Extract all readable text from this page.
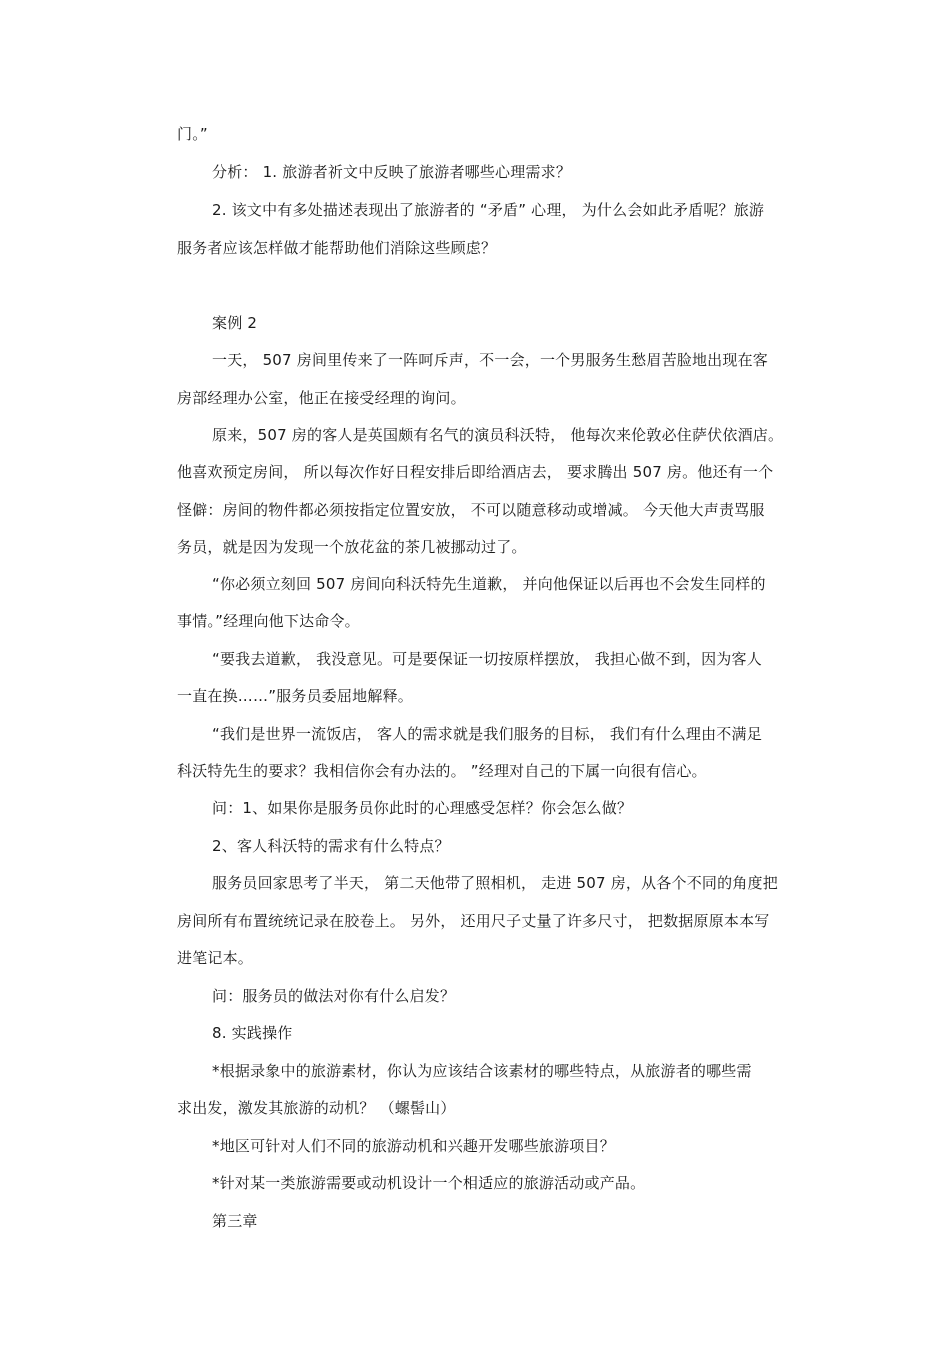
门。”
分析： 1. 旅游者祈文中反映了旅游者哪些心理需求？
2. 该文中有多处描述表现出了旅游者的 “矛盾” 心理， 为什么会如此矛盾呢？旅游
服务者应该怎样做才能帮助他们消除这些顾虑？
案例 2
一天， 507 房间里传来了一阵呵斥声，不一会，一个男服务生愁眉苦脸地出现在客
房部经理办公室，他正在接受经理的询问。
原来，507 房的客人是英国颇有名气的演员科沃特， 他每次来伦敦必住萨伏依酒店。
他喜欢预定房间， 所以每次作好日程安排后即给酒店去， 要求腾出 507 房。他还有一个
怪僻：房间的物件都必须按指定位置安放， 不可以随意移动或增减。 今天他大声责骂服
务员，就是因为发现一个放花盆的茶几被挪动过了。
“你必须立刻回 507 房间向科沃特先生道歉， 并向他保证以后再也不会发生同样的
事情。”经理向他下达命令。
“要我去道歉， 我没意见。可是要保证一切按原样摆放， 我担心做不到，因为客人
一直在换……”服务员委屈地解释。
“我们是世界一流饭店， 客人的需求就是我们服务的目标， 我们有什么理由不满足
科沃特先生的要求？我相信你会有办法的。 ”经理对自己的下属一向很有信心。
问：1、如果你是服务员你此时的心理感受怎样？你会怎么做？
2、客人科沃特的需求有什么特点？
服务员回家思考了半天， 第二天他带了照相机， 走进 507 房，从各个不同的角度把
房间所有布置统统记录在胶卷上。 另外， 还用尺子丈量了许多尺寸， 把数据原原本本写
进笔记本。
问：服务员的做法对你有什么启发？
8. 实践操作
*根据录象中的旅游素材，你认为应该结合该素材的哪些特点，从旅游者的哪些需
求出发，激发其旅游的动机？ （螺髻山）
*地区可针对人们不同的旅游动机和兴趣开发哪些旅游项目？
*针对某一类旅游需要或动机设计一个相适应的旅游活动或产品。
第三章
